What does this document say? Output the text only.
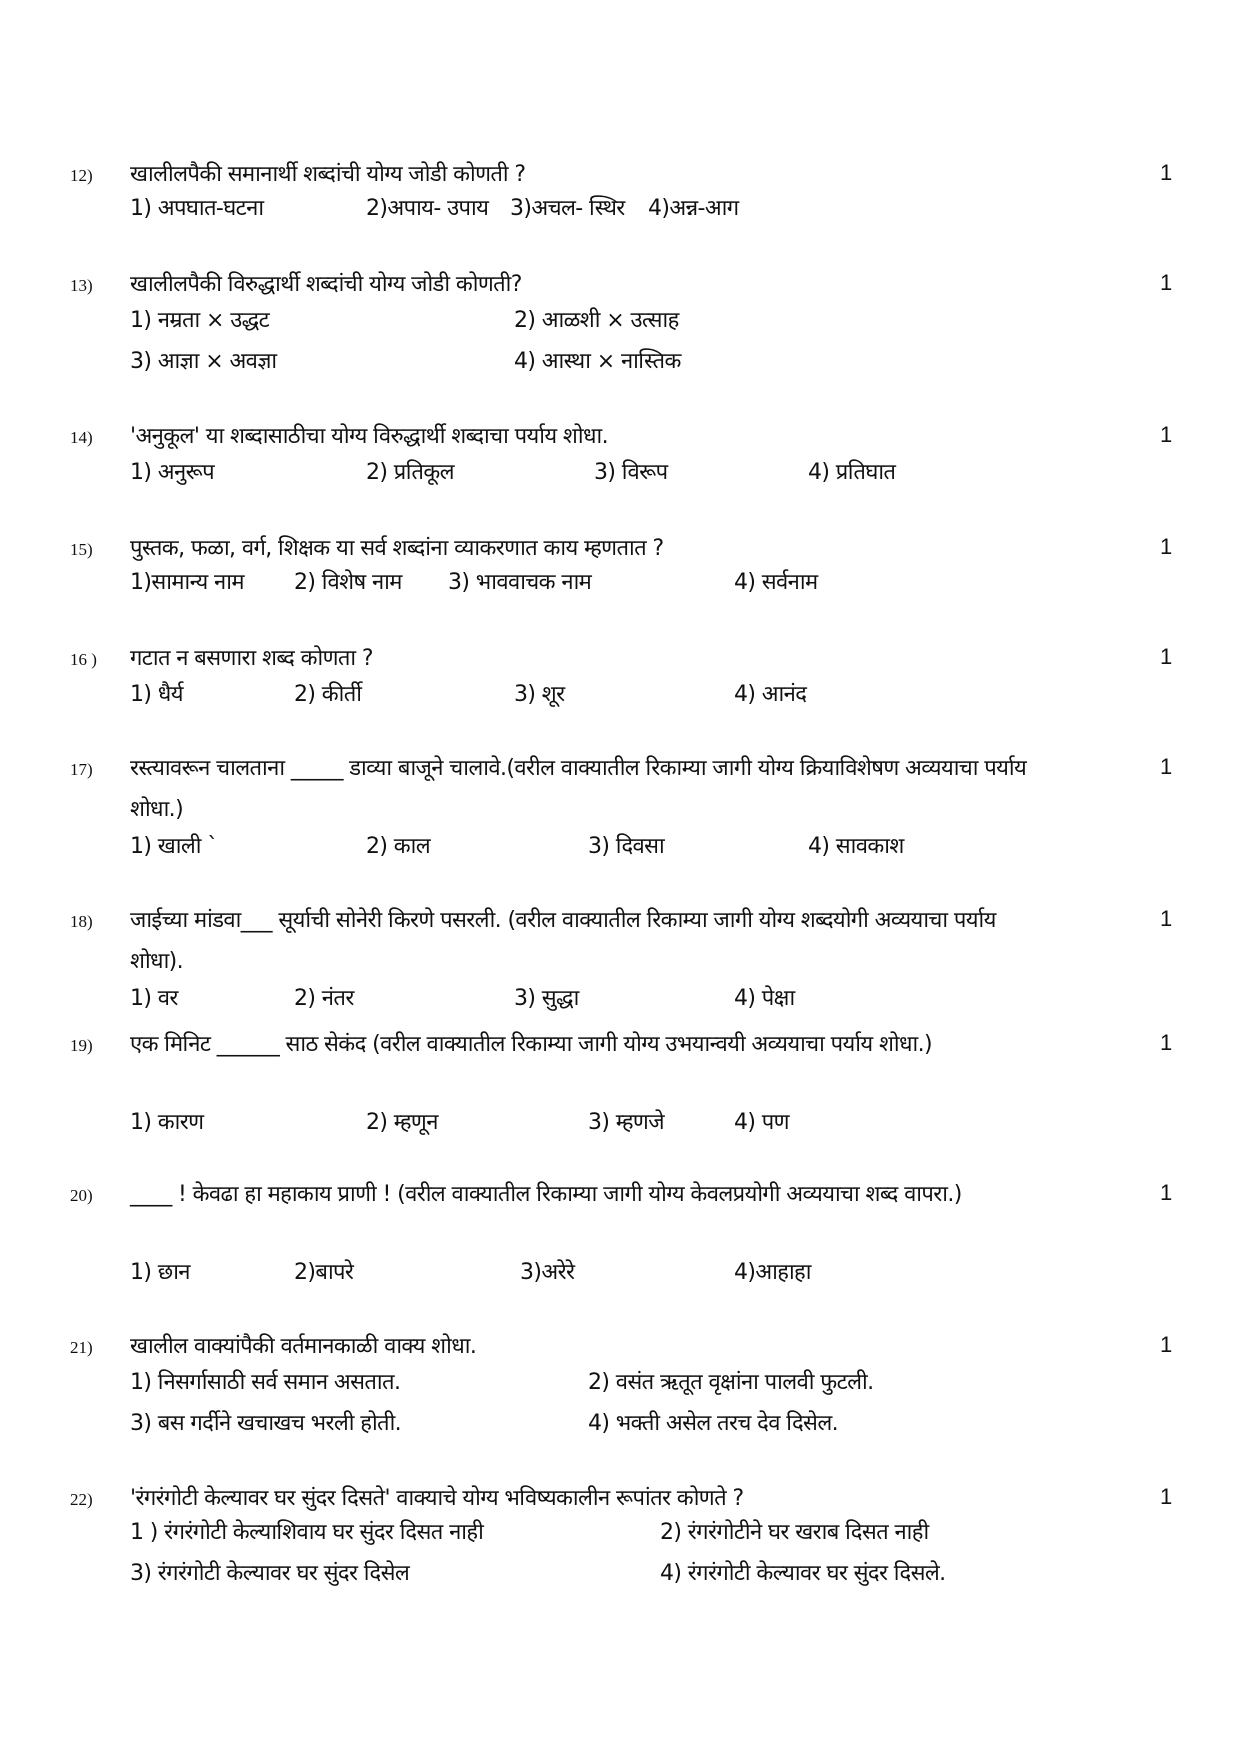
12) खालीलपैकी समानार्थी शब्दांची योग्य जोडी कोणती ?	1
1) अपघात-घटना	2)अपाय- उपाय 3)अचल- स्थिर 4)अन्न-आग
13) खालीलपैकी विरुद्धार्थी शब्दांची योग्य जोडी कोणती?	1
1) नम्रता × उद्धट	2) आळशी × उत्साह
3) आज्ञा × अवज्ञा	4) आस्था × नास्तिक
14) 'अनुकूल' या शब्दासाठीचा योग्य विरुद्धार्थी शब्दाचा पर्याय शोधा.	1
1) अनुरूप	2) प्रतिकूल	3) विरूप	4) प्रतिघात
15) पुस्तक, फळा, वर्ग, शिक्षक या सर्व शब्दांना व्याकरणात काय म्हणतात ?	1
1)सामान्य नाम 2) विशेष नाम 3) भाववाचक नाम	4) सर्वनाम
16 ) गटात न बसणारा शब्द कोणता ?	1
1) धैर्य	2) कीर्ती	3) शूर	4) आनंद
17) रस्त्यावरून चालताना _____ डाव्या बाजूने चालावे.(वरील वाक्यातील रिकाम्या जागी योग्य क्रियाविशेषण अव्ययाचा पर्याय शोधा.)
1
1) खाली `	2) काल	3) दिवसा	4) सावकाश
18) जाईच्या मांडवा___ सूर्याची सोनेरी किरणे पसरली. (वरील वाक्यातील रिकाम्या जागी योग्य शब्दयोगी अव्ययाचा पर्याय शोधा).
1
1) वर	2) नंतर	3) सुद्धा	4) पेक्षा
19) एक मिनिट ______ साठ सेकंद (वरील वाक्यातील रिकाम्या जागी योग्य उभयान्वयी अव्ययाचा पर्याय शोधा.)	1
1) कारण	2) म्हणून	3) म्हणजे	4) पण
20) ____ ! केवढा हा महाकाय प्राणी ! (वरील वाक्यातील रिकाम्या जागी योग्य केवलप्रयोगी अव्ययाचा शब्द वापरा.)	1
1) छान	2)बापरे	3)अरेरे	4)आहाहा
21) खालील वाक्यांपैकी वर्तमानकाळी वाक्य शोधा.	1
1) निसर्गासाठी सर्व समान असतात.	2) वसंत ऋतूत वृक्षांना पालवी फुटली.
3) बस गर्दीने खचाखच भरली होती.	4) भक्ती असेल तरच देव दिसेल.
22) 'रंगरंगोटी केल्यावर घर सुंदर दिसते' वाक्याचे योग्य भविष्यकालीन रूपांतर कोणते ?	1
1 ) रंगरंगोटी केल्याशिवाय घर सुंदर दिसत नाही	2) रंगरंगोटीने घर खराब दिसत नाही
3) रंगरंगोटी केल्यावर घर सुंदर दिसेल	4) रंगरंगोटी केल्यावर घर सुंदर दिसले.
